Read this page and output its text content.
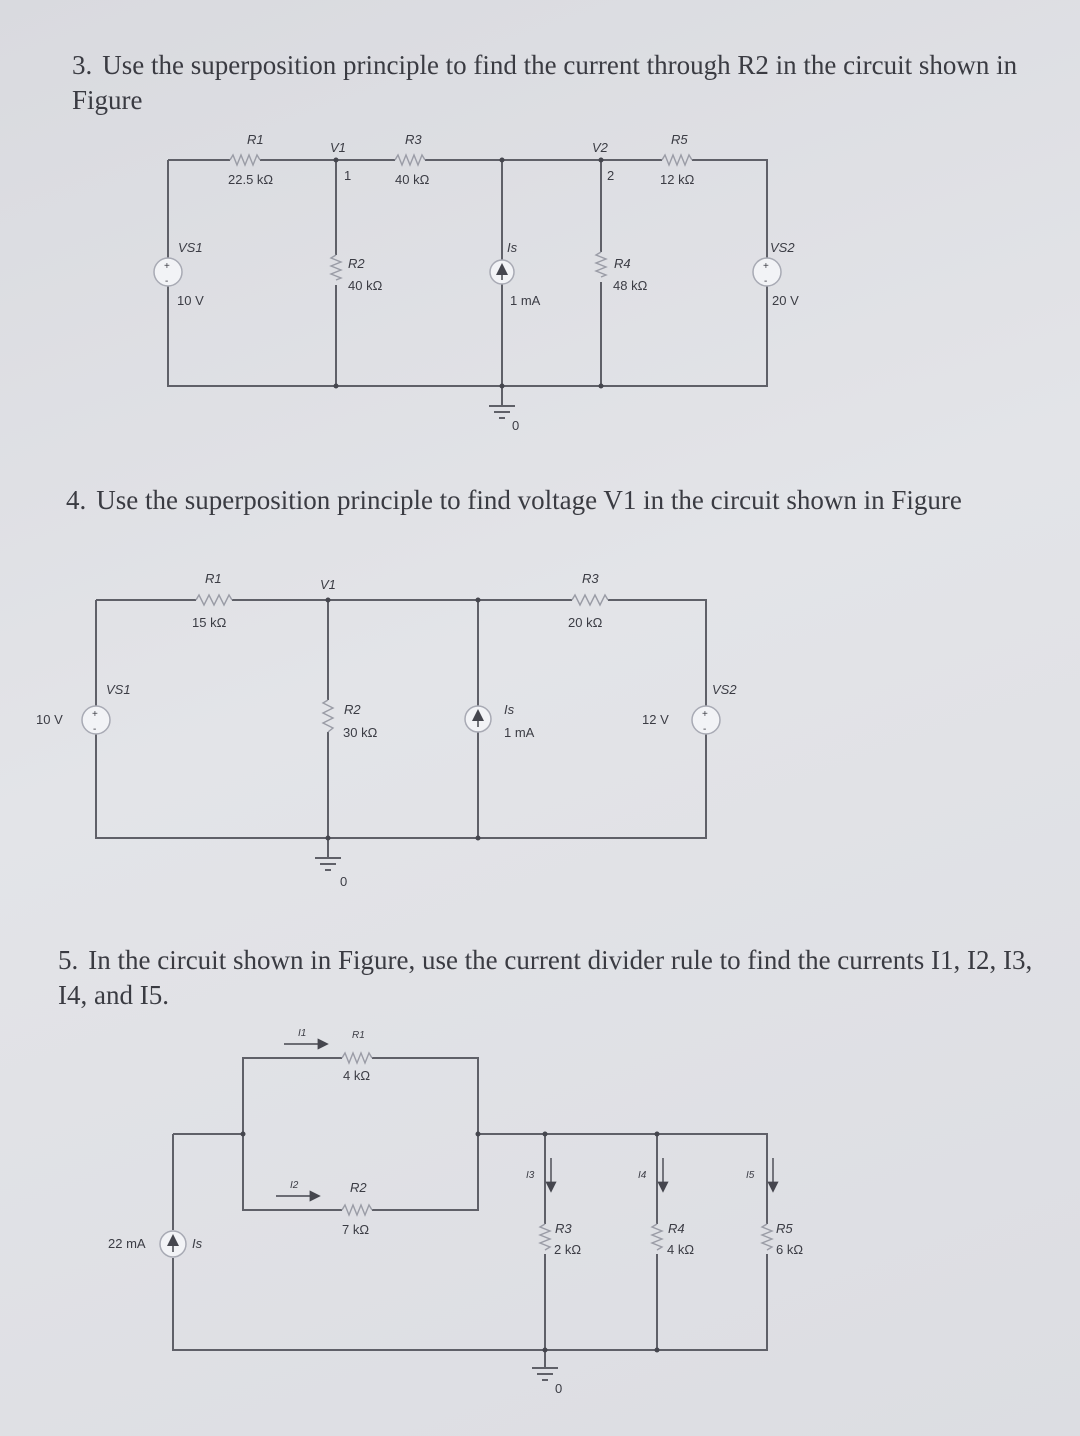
3. Use the superposition principle to find the current through R2 in the circuit shown in Figure

4. Use the superposition principle to find voltage V1 in the circuit shown in Figure

5. In the circuit shown in Figure, use the current divider rule to find the currents I1, I2, I3, I4, and I5.

+
-
+
-
0
R1
22.5 kΩ
V1
1
R3
40 kΩ
V2
2
R5
12 kΩ
VS1
10 V
R2
40 kΩ
Is
1 mA
R4
48 kΩ
VS2
20 V
+
-
+
-
0
R1
15 kΩ
V1	R3
20 kΩ
VS1
10 V
R2
30 kΩ
Is
1 mA
12 V
VS2
0
I1
I2
I3	I4	I5
R1
4 kΩ
R2
7 kΩ	R3
2 kΩ
R4
4 kΩ
R5
6 kΩ
22 mA	Is
